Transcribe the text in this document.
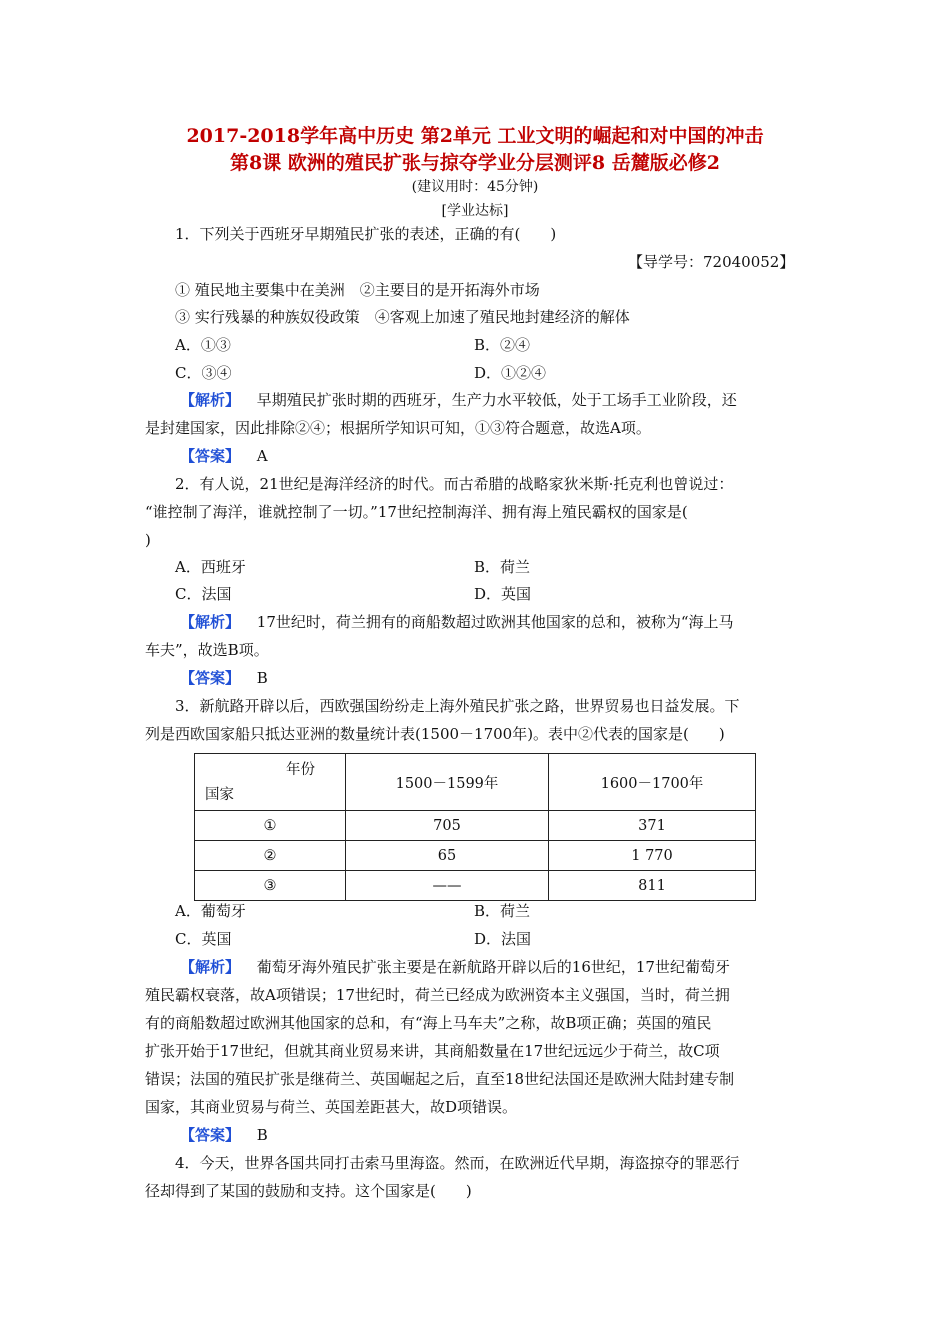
2017-2018学年高中历史 第2单元 工业文明的崛起和对中国的冲击
第8课 欧洲的殖民扩张与掠夺学业分层测评8 岳麓版必修2
(建议用时：45分钟)
[学业达标]
1．下列关于西班牙早期殖民扩张的表述，正确的有(　　)
【导学号：72040052】
① 殖民地主要集中在美洲　②主要目的是开拓海外市场
③ 实行残暴的种族奴役政策　④客观上加速了殖民地封建经济的解体
A．①③	B．②④
C．③④	D．①②④
【解析】 早期殖民扩张时期的西班牙，生产力水平较低，处于工场手工业阶段，还
是封建国家，因此排除②④；根据所学知识可知，①③符合题意，故选A项。
【答案】 A
2．有人说，21世纪是海洋经济的时代。而古希腊的战略家狄米斯·托克利也曾说过：
“谁控制了海洋，谁就控制了一切。”17世纪控制海洋、拥有海上殖民霸权的国家是(
)
A．西班牙	B．荷兰
C．法国	D．英国
【解析】 17世纪时，荷兰拥有的商船数超过欧洲其他国家的总和，被称为“海上马
车夫”，故选B项。
【答案】 B
3．新航路开辟以后，西欧强国纷纷走上海外殖民扩张之路，世界贸易也日益发展。下
列是西欧国家船只抵达亚洲的数量统计表(1500－1700年)。表中②代表的国家是(　　)
年份
国家	1500－1599年	1600－1700年
①	705	371
②	65	1 770
③	——	811
A．葡萄牙	B．荷兰
C．英国	D．法国
【解析】 葡萄牙海外殖民扩张主要是在新航路开辟以后的16世纪，17世纪葡萄牙
殖民霸权衰落，故A项错误；17世纪时，荷兰已经成为欧洲资本主义强国，当时，荷兰拥
有的商船数超过欧洲其他国家的总和，有“海上马车夫”之称，故B项正确；英国的殖民
扩张开始于17世纪，但就其商业贸易来讲，其商船数量在17世纪远远少于荷兰，故C项
错误；法国的殖民扩张是继荷兰、英国崛起之后，直至18世纪法国还是欧洲大陆封建专制
国家，其商业贸易与荷兰、英国差距甚大，故D项错误。
【答案】 B
4．今天，世界各国共同打击索马里海盗。然而，在欧洲近代早期，海盗掠夺的罪恶行
径却得到了某国的鼓励和支持。这个国家是(　　)
